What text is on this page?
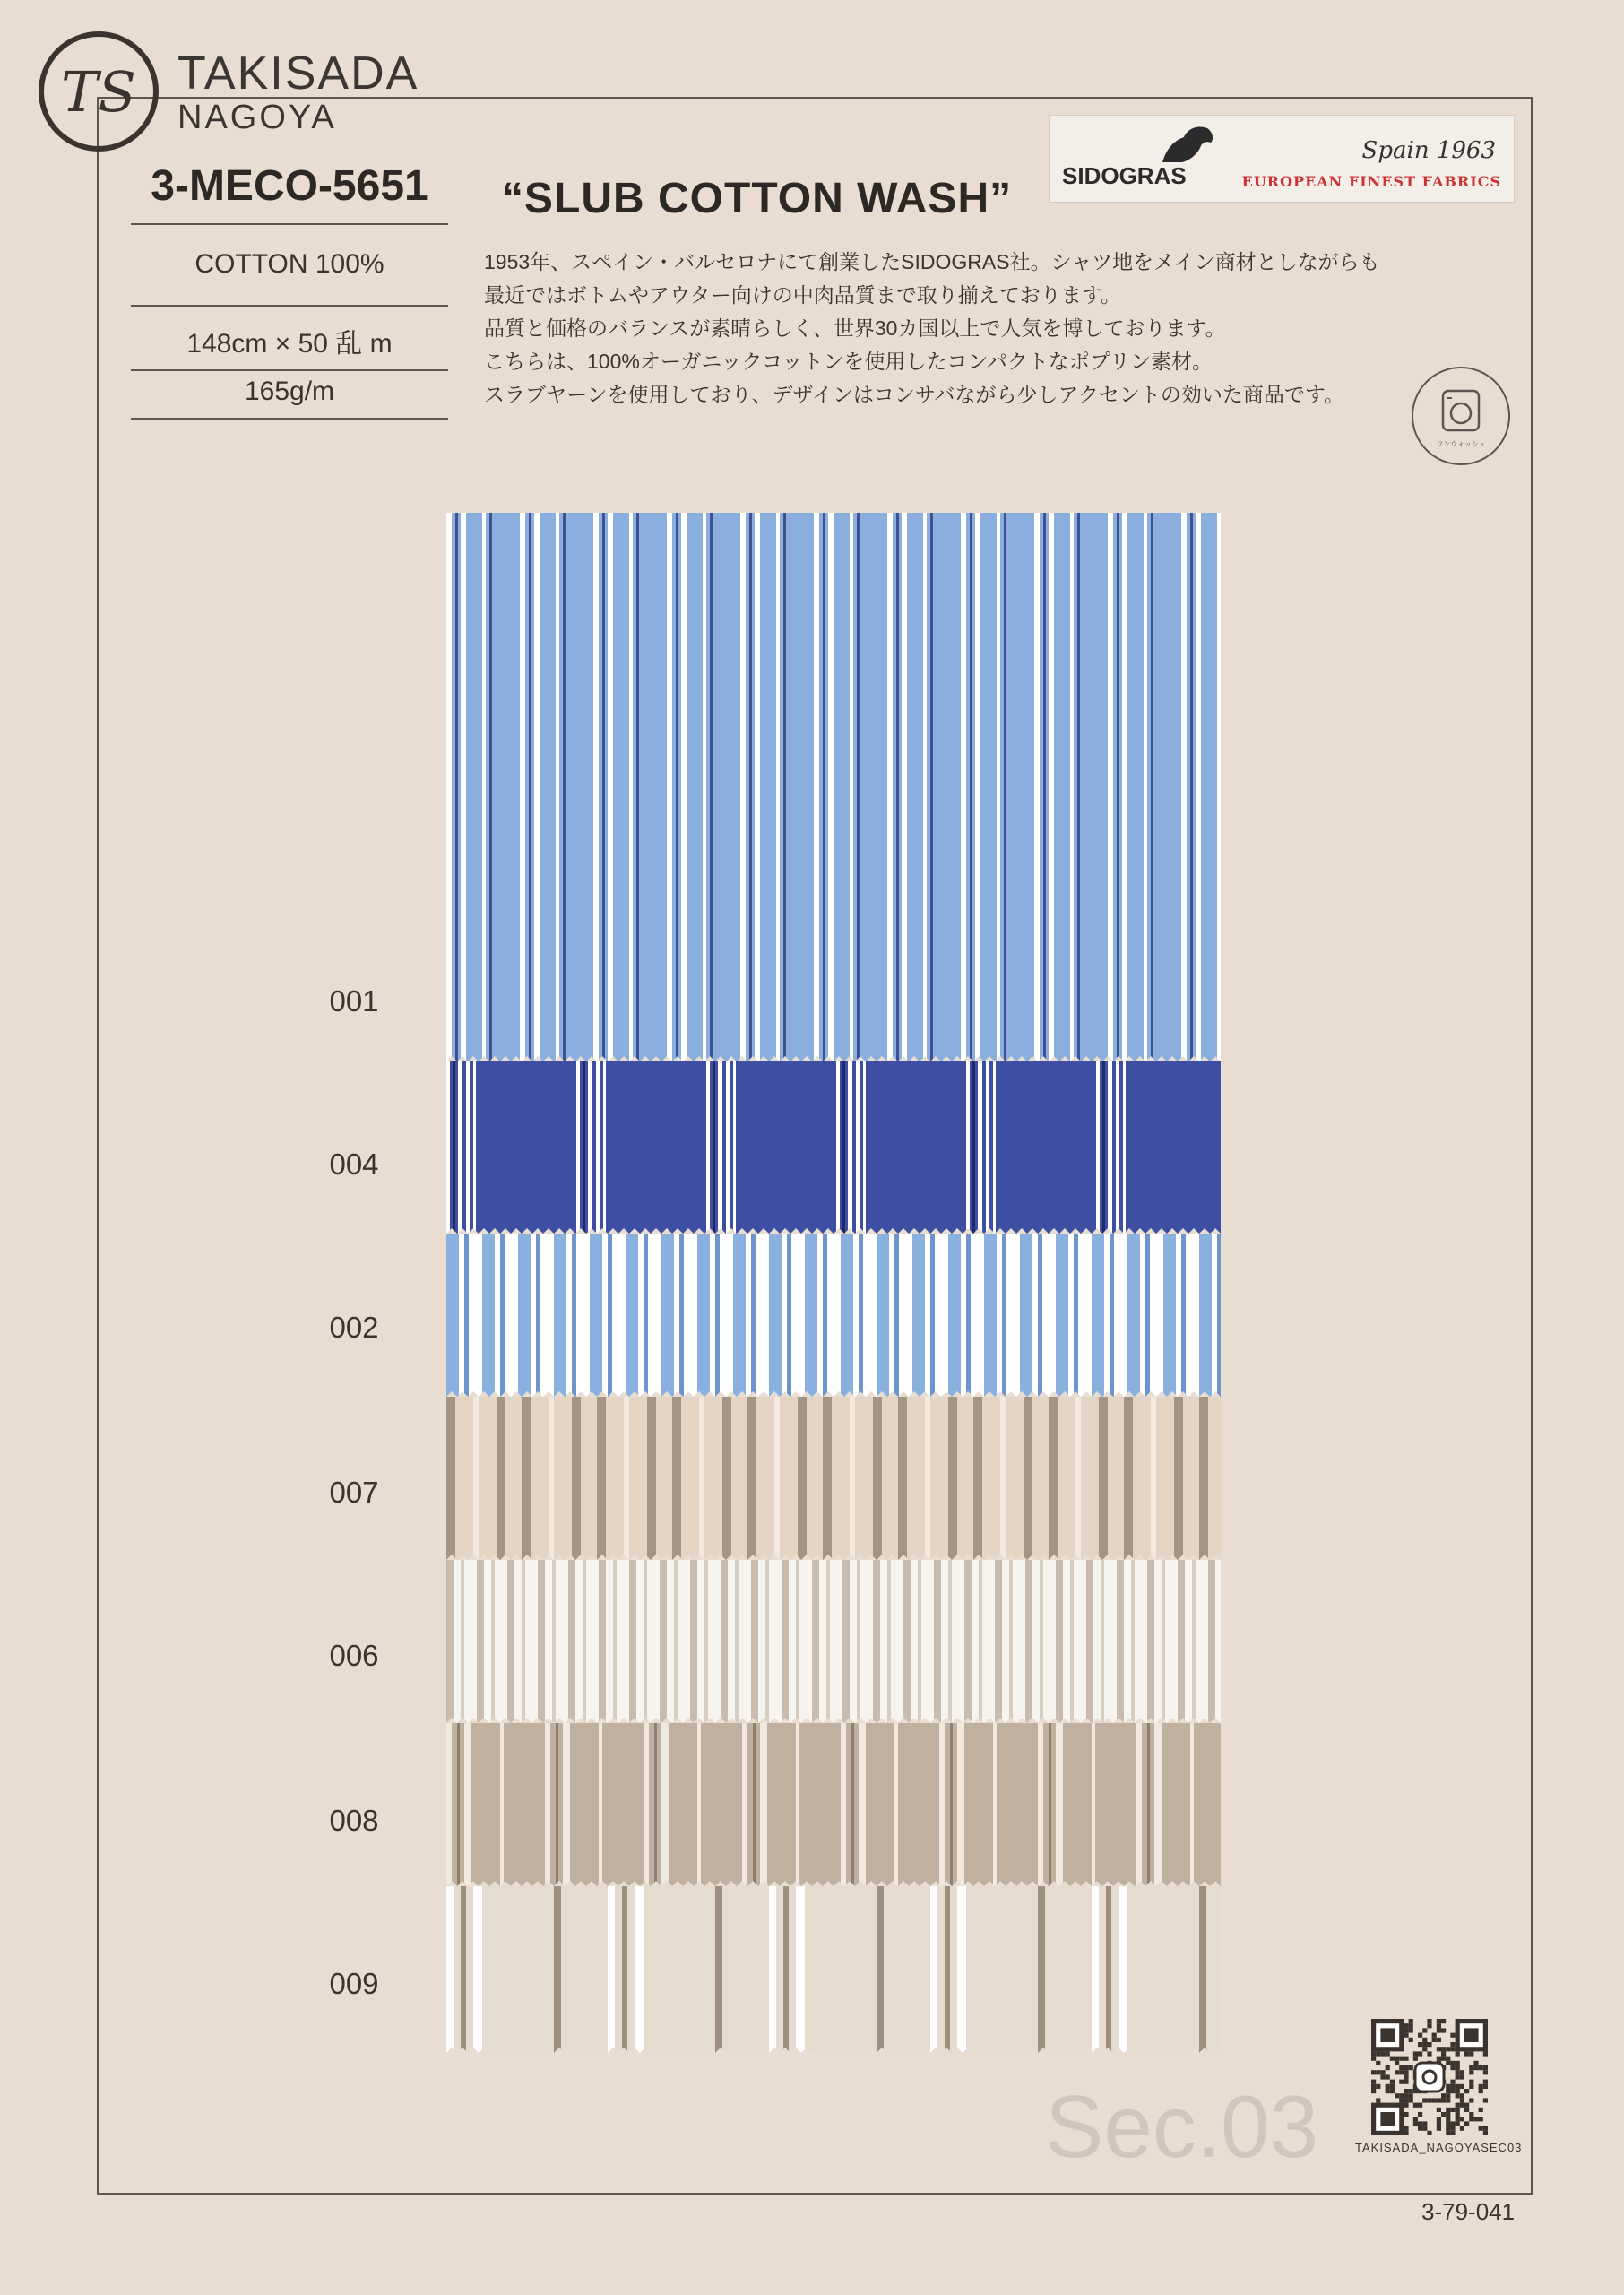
TS TAKISADA
NAGOYA
3-MECO-5651
COTTON 100%
148cm × 50 乱 m
165g/m
“SLUB COTTON WASH” SIDOGRAS
Spain 1963
EUROPEAN FINEST FABRICS
1953年、スペイン・バルセロナにて創業したSIDOGRAS社。シャツ地をメイン商材としながらも
最近ではボトムやアウター向けの中肉品質まで取り揃えております。
品質と価格のバランスが素晴らしく、世界30カ国以上で人気を博しております。
こちらは、100%オーガニックコットンを使用したコンパクトなポプリン素材。
スラブヤーンを使用しており、デザインはコンサバながら少しアクセントの効いた商品です。
ワンウォッシュ
001
004
002
007
006
008
009
Sec.03	TAKISADA_NAGOYASEC03
3-79-041
